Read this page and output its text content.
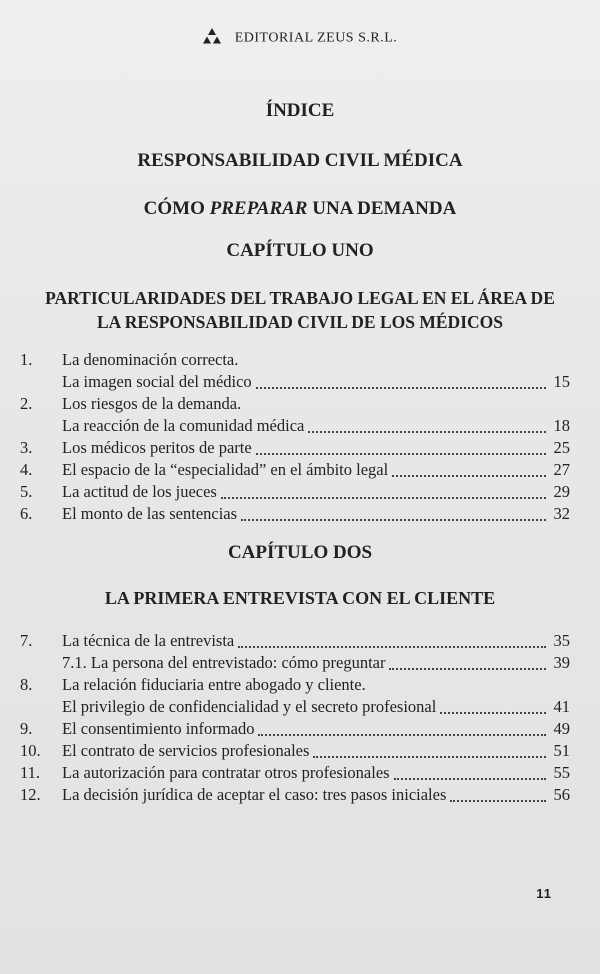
EDITORIAL ZEUS S.R.L.
ÍNDICE
RESPONSABILIDAD CIVIL MÉDICA
CÓMO PREPARAR UNA DEMANDA
CAPÍTULO UNO
PARTICULARIDADES DEL TRABAJO LEGAL EN EL ÁREA DE
LA RESPONSABILIDAD CIVIL DE LOS MÉDICOS
CAPÍTULO DOS
LA PRIMERA ENTREVISTA CON EL CLIENTE
1. La denominación correcta.
La imagen social del médico	15
2. Los riesgos de la demanda.
La reacción de la comunidad médica	18
3. Los médicos peritos de parte	25
4. El espacio de la “especialidad” en el ámbito legal	27
5. La actitud de los jueces	29
6. El monto de las sentencias	32
7. La técnica de la entrevista	35
7.1. La persona del entrevistado: cómo preguntar	39
8. La relación fiduciaria entre abogado y cliente.
El privilegio de confidencialidad y el secreto profesional	41
9. El consentimiento informado	49
10. El contrato de servicios profesionales	51
11. La autorización para contratar otros profesionales	55
12. La decisión jurídica de aceptar el caso: tres pasos iniciales	56
11
